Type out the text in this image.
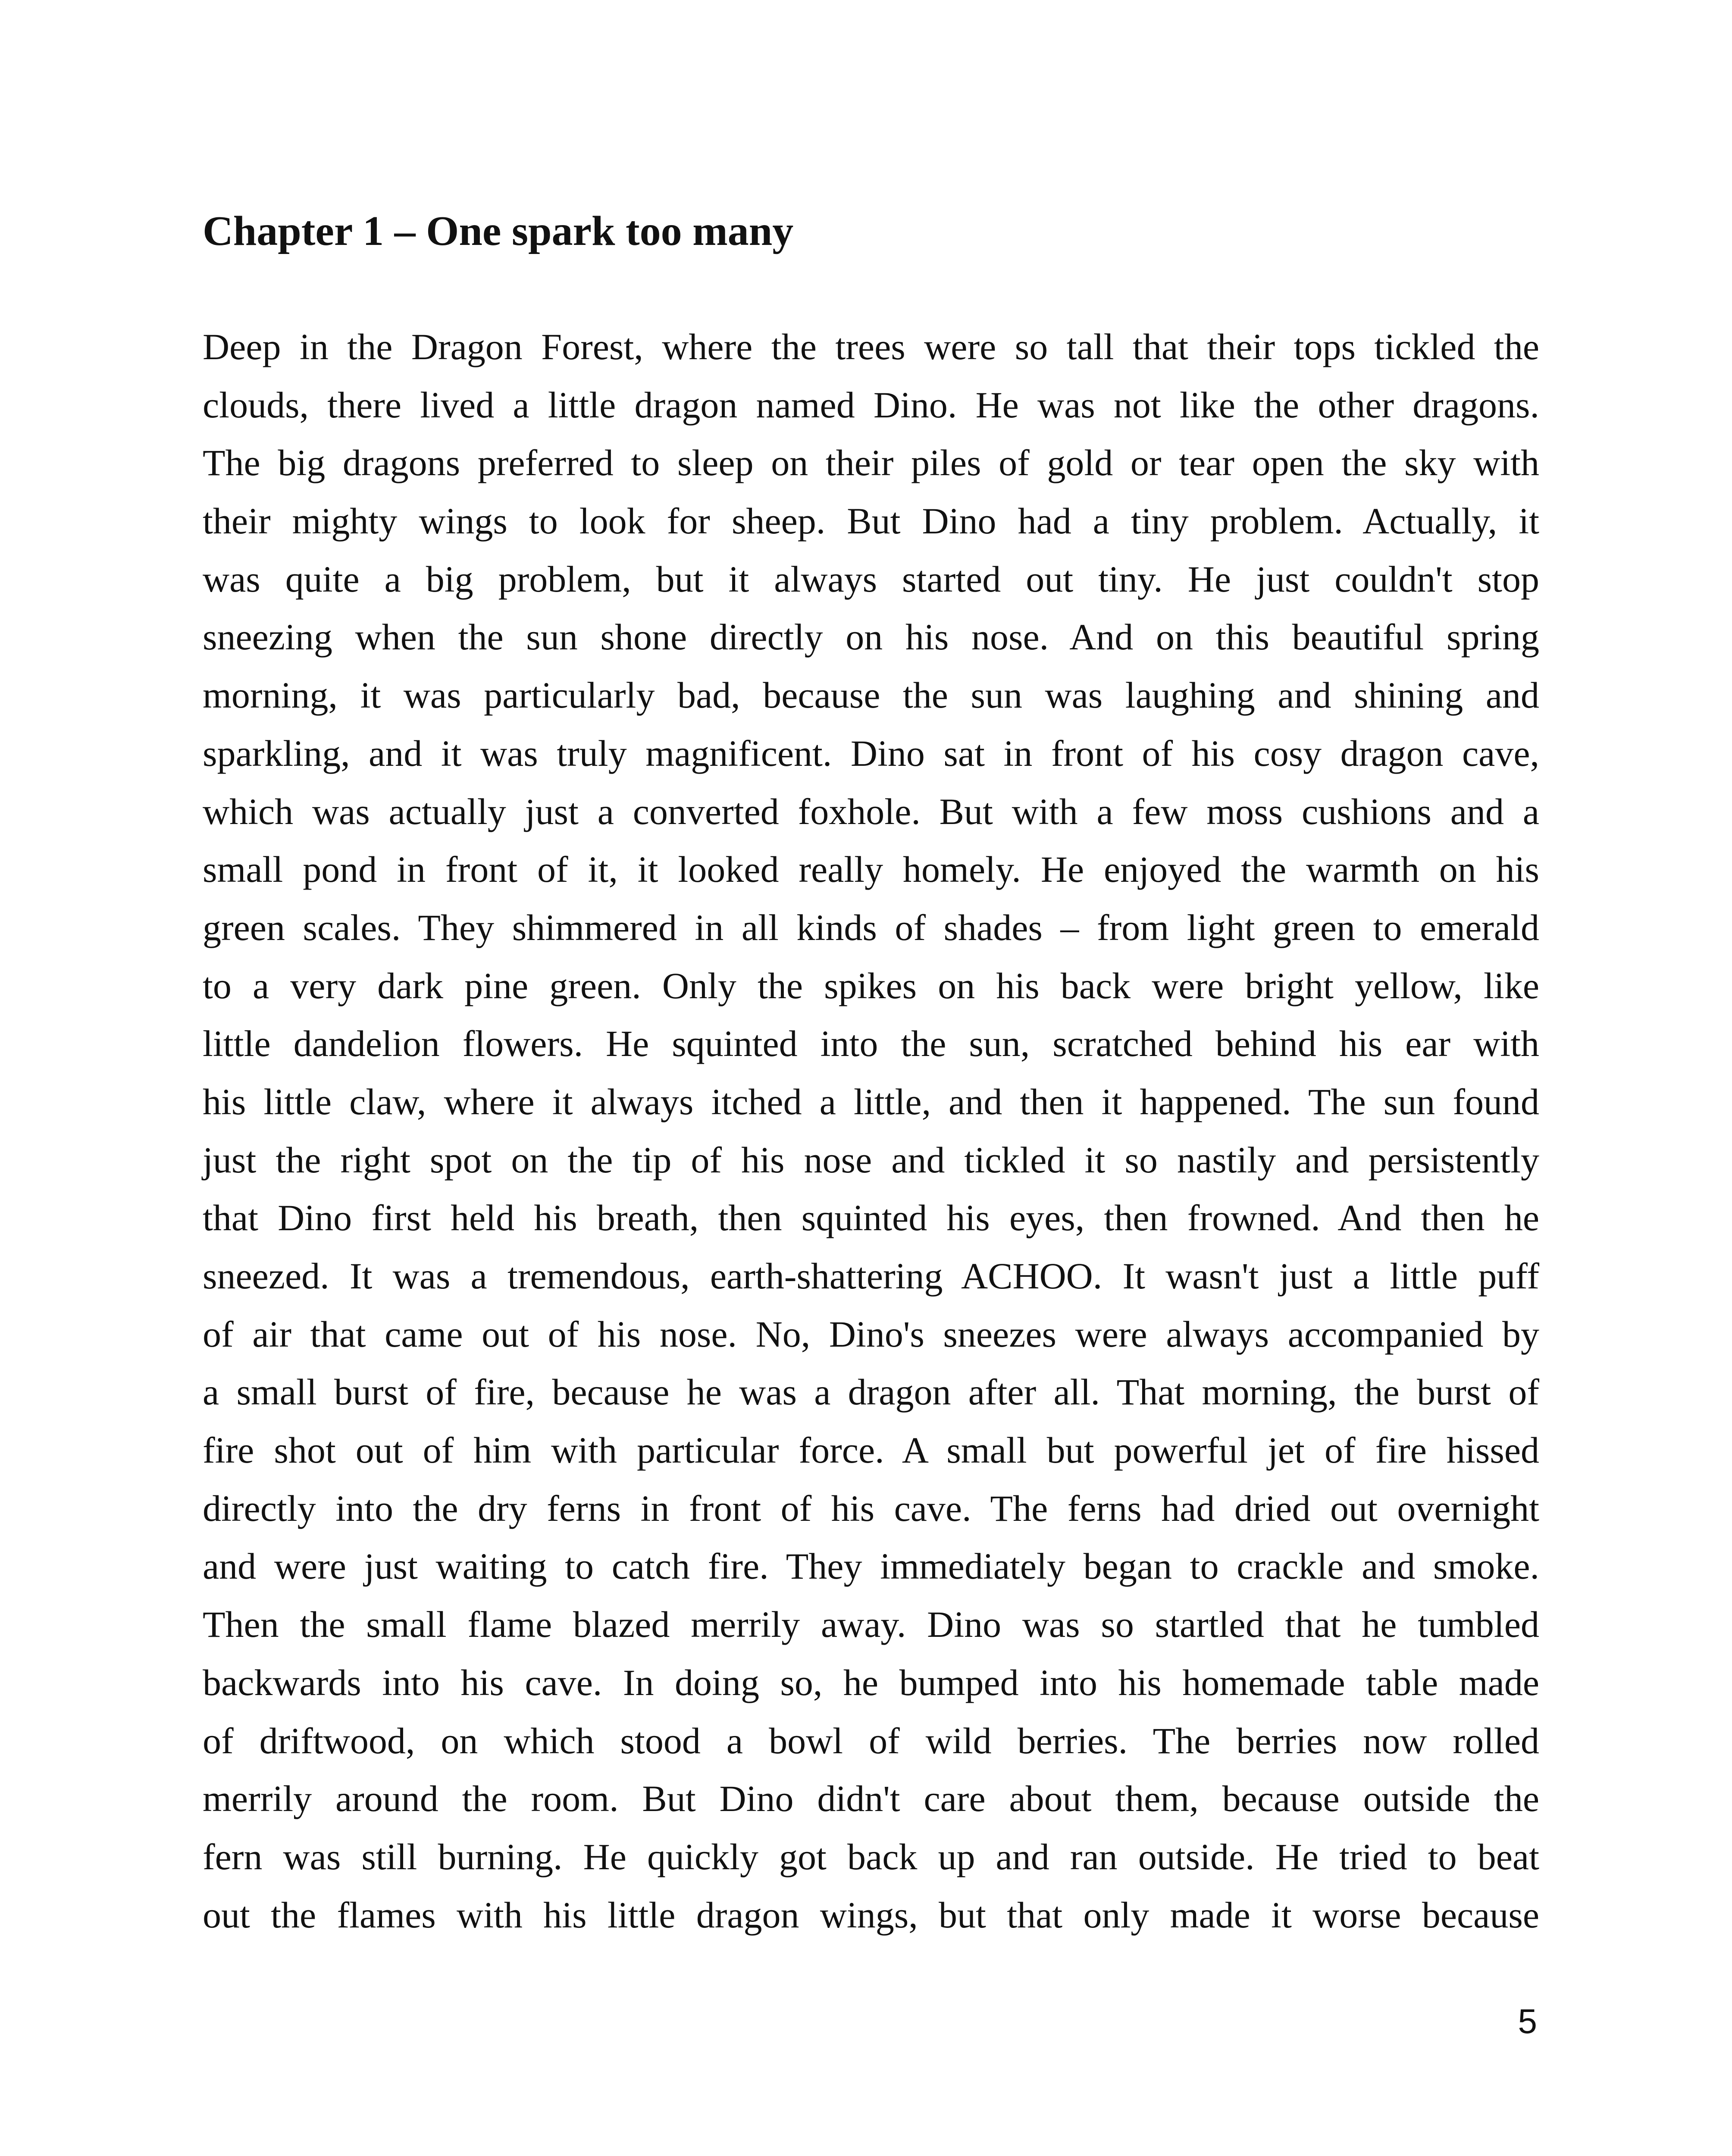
Chapter 1 – One spark too many
Deep in the Dragon Forest, where the trees were so tall that their tops tickled the
clouds, there lived a little dragon named Dino. He was not like the other dragons.
The big dragons preferred to sleep on their piles of gold or tear open the sky with
their mighty wings to look for sheep. But Dino had a tiny problem. Actually, it
was quite a big problem, but it always started out tiny. He just couldn't stop
sneezing when the sun shone directly on his nose. And on this beautiful spring
morning, it was particularly bad, because the sun was laughing and shining and
sparkling, and it was truly magnificent. Dino sat in front of his cosy dragon cave,
which was actually just a converted foxhole. But with a few moss cushions and a
small pond in front of it, it looked really homely. He enjoyed the warmth on his
green scales. They shimmered in all kinds of shades – from light green to emerald
to a very dark pine green. Only the spikes on his back were bright yellow, like
little dandelion flowers. He squinted into the sun, scratched behind his ear with
his little claw, where it always itched a little, and then it happened. The sun found
just the right spot on the tip of his nose and tickled it so nastily and persistently
that Dino first held his breath, then squinted his eyes, then frowned. And then he
sneezed. It was a tremendous, earth-shattering ACHOO. It wasn't just a little puff
of air that came out of his nose. No, Dino's sneezes were always accompanied by
a small burst of fire, because he was a dragon after all. That morning, the burst of
fire shot out of him with particular force. A small but powerful jet of fire hissed
directly into the dry ferns in front of his cave. The ferns had dried out overnight
and were just waiting to catch fire. They immediately began to crackle and smoke.
Then the small flame blazed merrily away. Dino was so startled that he tumbled
backwards into his cave. In doing so, he bumped into his homemade table made
of driftwood, on which stood a bowl of wild berries. The berries now rolled
merrily around the room. But Dino didn't care about them, because outside the
fern was still burning. He quickly got back up and ran outside. He tried to beat
out the flames with his little dragon wings, but that only made it worse because
5
